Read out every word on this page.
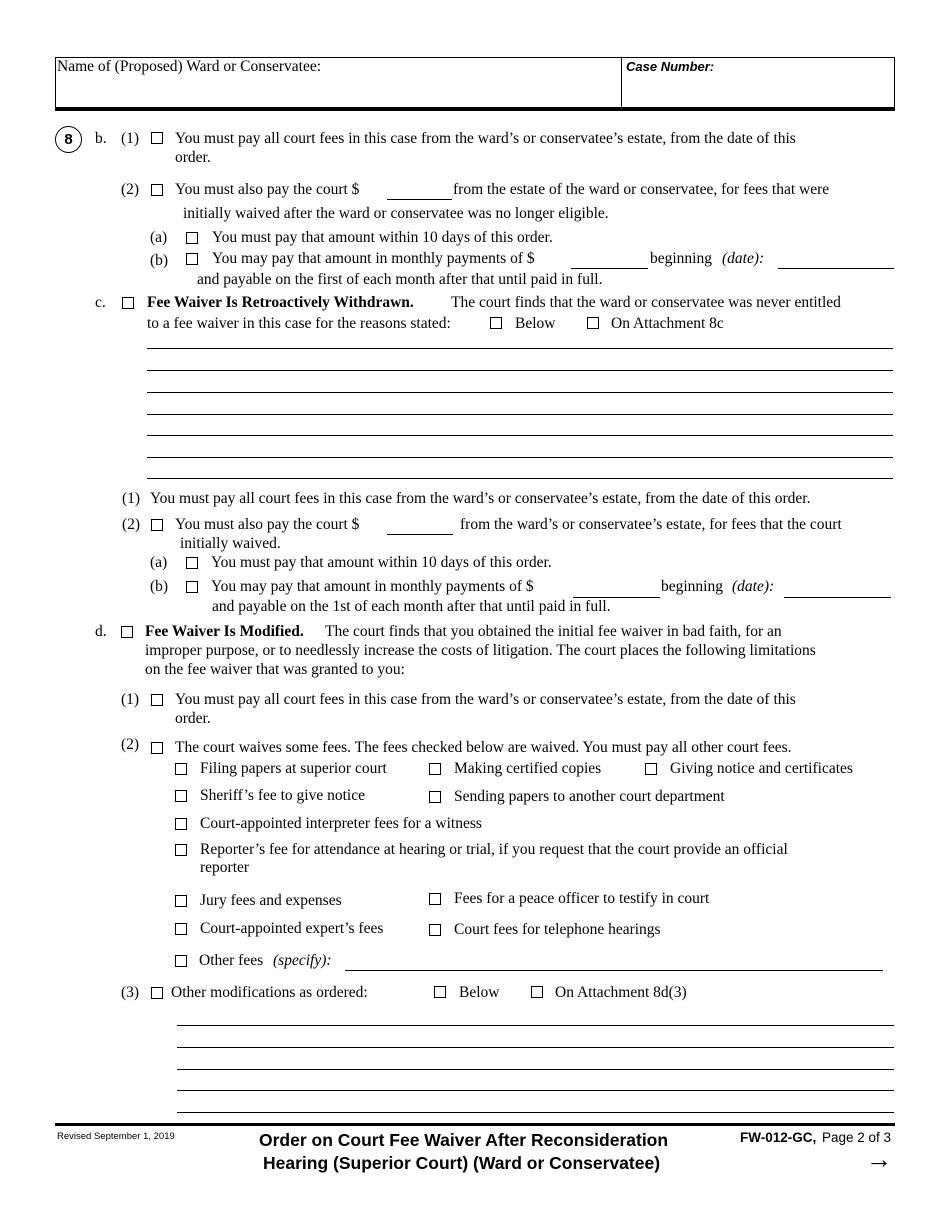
Name of (Proposed) Ward or Conservatee:	Case Number:
8 b. (1) You must pay all court fees in this case from the ward’s or conservatee’s estate, from the date of this
order.
(2) You must also pay the court $	from the estate of the ward or conservatee, for fees that were
initially waived after the ward or conservatee was no longer eligible.
(a)	You must pay that amount within 10 days of this order.
(b)	You may pay that amount in monthly payments of $	beginning (date):
and payable on the first of each month after that until paid in full.
c.	Fee Waiver Is Retroactively Withdrawn. The court finds that the ward or conservatee was never entitled
to a fee waiver in this case for the reasons stated:	Below	On Attachment 8c
(1) You must pay all court fees in this case from the ward’s or conservatee’s estate, from the date of this order.
(2) You must also pay the court $	from the ward’s or conservatee’s estate, for fees that the court
initially waived.
(a)	You must pay that amount within 10 days of this order.
(b)	You may pay that amount in monthly payments of $	beginning (date):
and payable on the 1st of each month after that until paid in full.
d. Fee Waiver Is Modified. The court finds that you obtained the initial fee waiver in bad faith, for an
improper purpose, or to needlessly increase the costs of litigation. The court places the following limitations
on the fee waiver that was granted to you:
(1) You must pay all court fees in this case from the ward’s or conservatee’s estate, from the date of this
order.
(2) The court waives some fees. The fees checked below are waived. You must pay all other court fees.
Filing papers at superior court	Making certified copies	Giving notice and certificates
Sheriff’s fee to give notice	Sending papers to another court department
Court-appointed interpreter fees for a witness
Reporter’s fee for attendance at hearing or trial, if you request that the court provide an official
reporter
Jury fees and expenses	Fees for a peace officer to testify in court
Court-appointed expert’s fees	Court fees for telephone hearings
Other fees (specify):
(3) Other modifications as ordered:	Below	On Attachment 8d(3)
Revised September 1, 2019	Order on Court Fee Waiver After Reconsideration
Hearing (Superior Court) (Ward or Conservatee)
FW-012-GC, Page 2 of 3
→
